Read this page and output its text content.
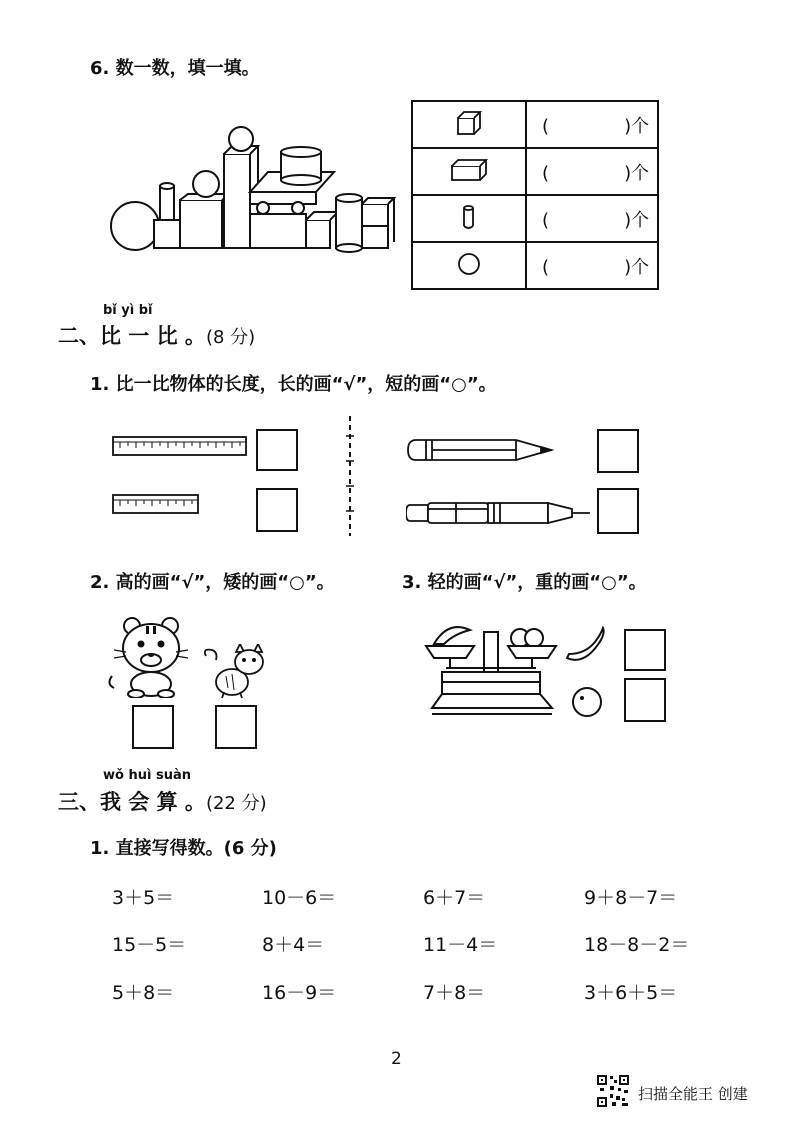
6. 数一数，填一填。
	( )个
	( )个
	( )个
	( )个
bǐ yì bǐ
二、比 一 比 。(8 分)
1. 比一比物体的长度，长的画“√”，短的画“○”。
2. 高的画“√”，矮的画“○”。	3. 轻的画“√”，重的画“○”。
wǒ huì suàn
三、我 会 算 。(22 分)
1. 直接写得数。(6 分)
3＋5＝	10－6＝	6＋7＝	9＋8－7＝
15－5＝	8＋4＝	11－4＝	18－8－2＝
5＋8＝	16－9＝	7＋8＝	3＋6＋5＝
2
扫描全能王 创建
